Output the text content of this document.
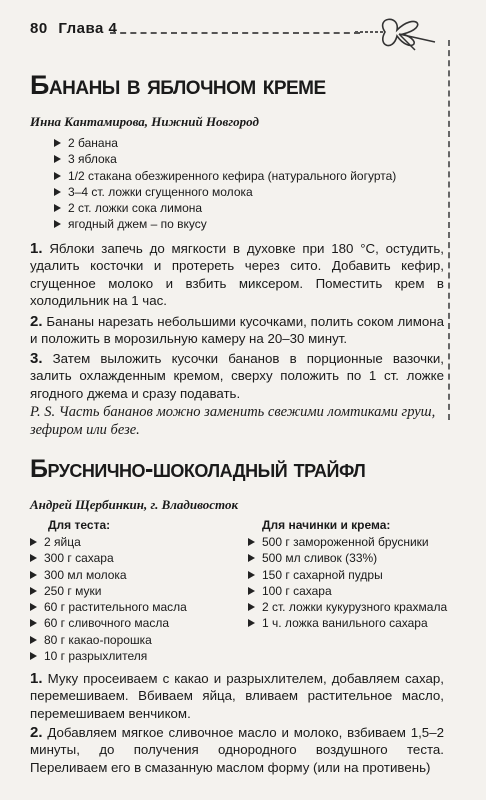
80 Глава 4
Бананы в яблочном креме
Инна Кантамирова, Нижний Новгород
2 банана
3 яблока
1/2 стакана обезжиренного кефира (натурального йогурта)
3–4 ст. ложки сгущенного молока
2 ст. ложки сока лимона
ягодный джем – по вкусу
1. Яблоки запечь до мягкости в духовке при 180 °С, остудить, удалить косточки и протереть через сито. Добавить кефир, сгущенное молоко и взбить миксером. Поместить крем в холодильник на 1 час.
2. Бананы нарезать небольшими кусочками, полить соком лимона и положить в морозильную камеру на 20–30 минут.
3. Затем выложить кусочки бананов в порционные вазочки, залить охлажденным кремом, сверху положить по 1 ст. ложке ягодного джема и сразу подавать.
P. S. Часть бананов можно заменить свежими ломтиками груш, зефиром или безе.
Бруснично-шоколадный трайфл
Андрей Щербинкин, г. Владивосток
Для теста:	Для начинки и крема:
2 яйца
300 г сахара
300 мл молока
250 г муки
60 г растительного масла
60 г сливочного масла
80 г какао-порошка
10 г разрыхлителя
500 г замороженной брусники
500 мл сливок (33%)
150 г сахарной пудры
100 г сахара
2 ст. ложки кукурузного крахмала
1 ч. ложка ванильного сахара
1. Муку просеиваем с какао и разрыхлителем, добавляем сахар, перемешиваем. Вбиваем яйца, вливаем растительное масло, перемешиваем венчиком.
2. Добавляем мягкое сливочное масло и молоко, взбиваем 1,5–2 минуты, до получения однородного воздушного теста. Переливаем его в смазанную маслом форму (или на противень)
